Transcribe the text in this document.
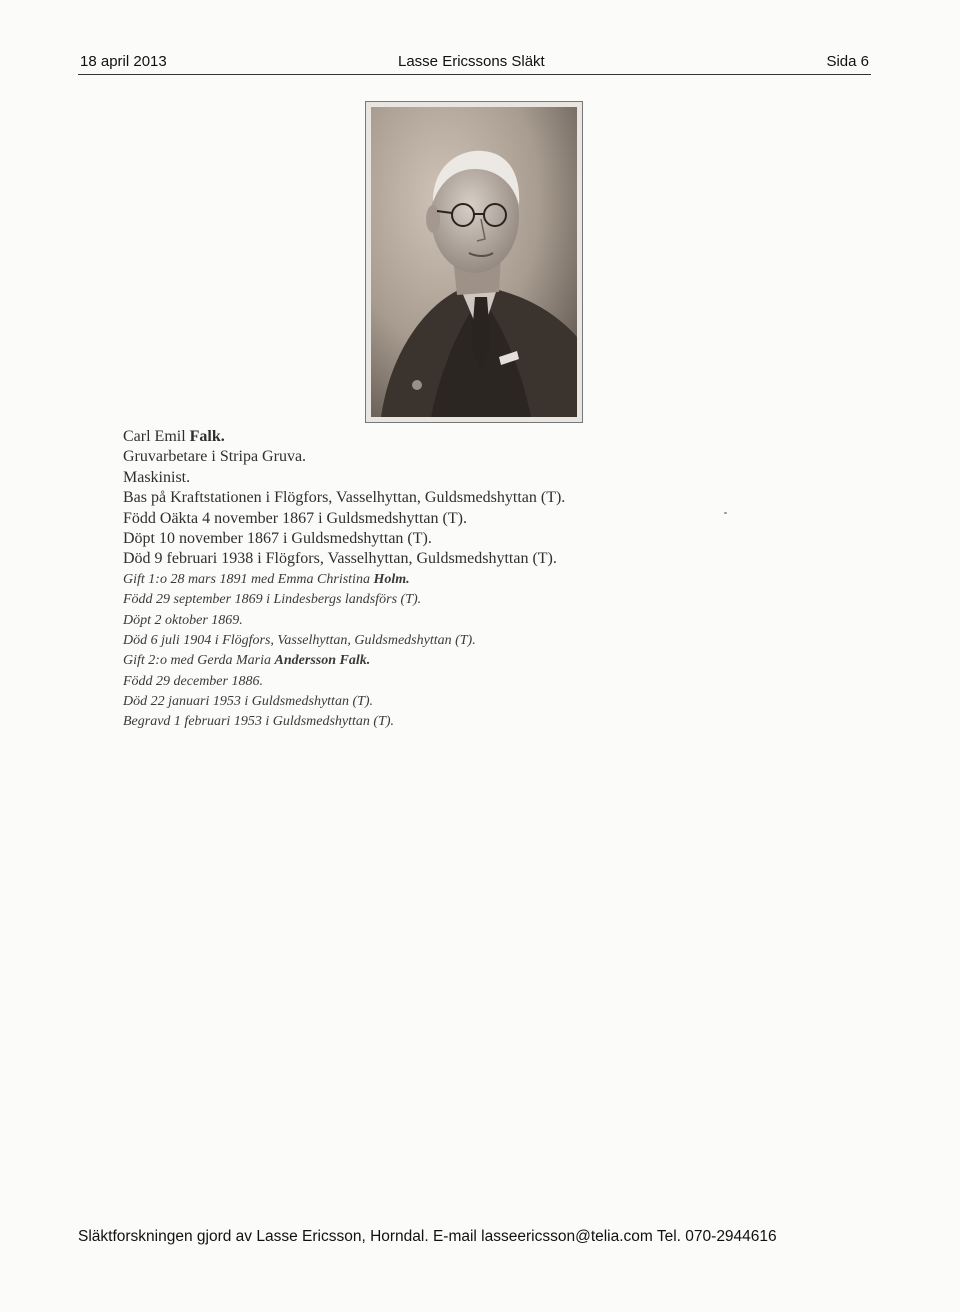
18 april 2013	Lasse Ericssons Släkt	Sida 6
Carl Emil Falk.
Gruvarbetare i Stripa Gruva.
Maskinist.
Bas på Kraftstationen i Flögfors, Vasselhyttan, Guldsmedshyttan (T).
Född Oäkta 4 november 1867 i Guldsmedshyttan (T).
Döpt 10 november 1867 i Guldsmedshyttan (T).
Död 9 februari 1938 i Flögfors, Vasselhyttan, Guldsmedshyttan (T).
Gift 1:o 28 mars 1891 med Emma Christina Holm.
Född 29 september 1869 i Lindesbergs landsförs (T).
Döpt 2 oktober 1869.
Död 6 juli 1904 i Flögfors, Vasselhyttan, Guldsmedshyttan (T).
Gift 2:o med Gerda Maria Andersson Falk.
Född 29 december 1886.
Död 22 januari 1953 i Guldsmedshyttan (T).
Begravd 1 februari 1953 i Guldsmedshyttan (T).
Släktforskningen gjord av Lasse Ericsson, Horndal. E-mail lasseericsson@telia.com Tel. 070-2944616
